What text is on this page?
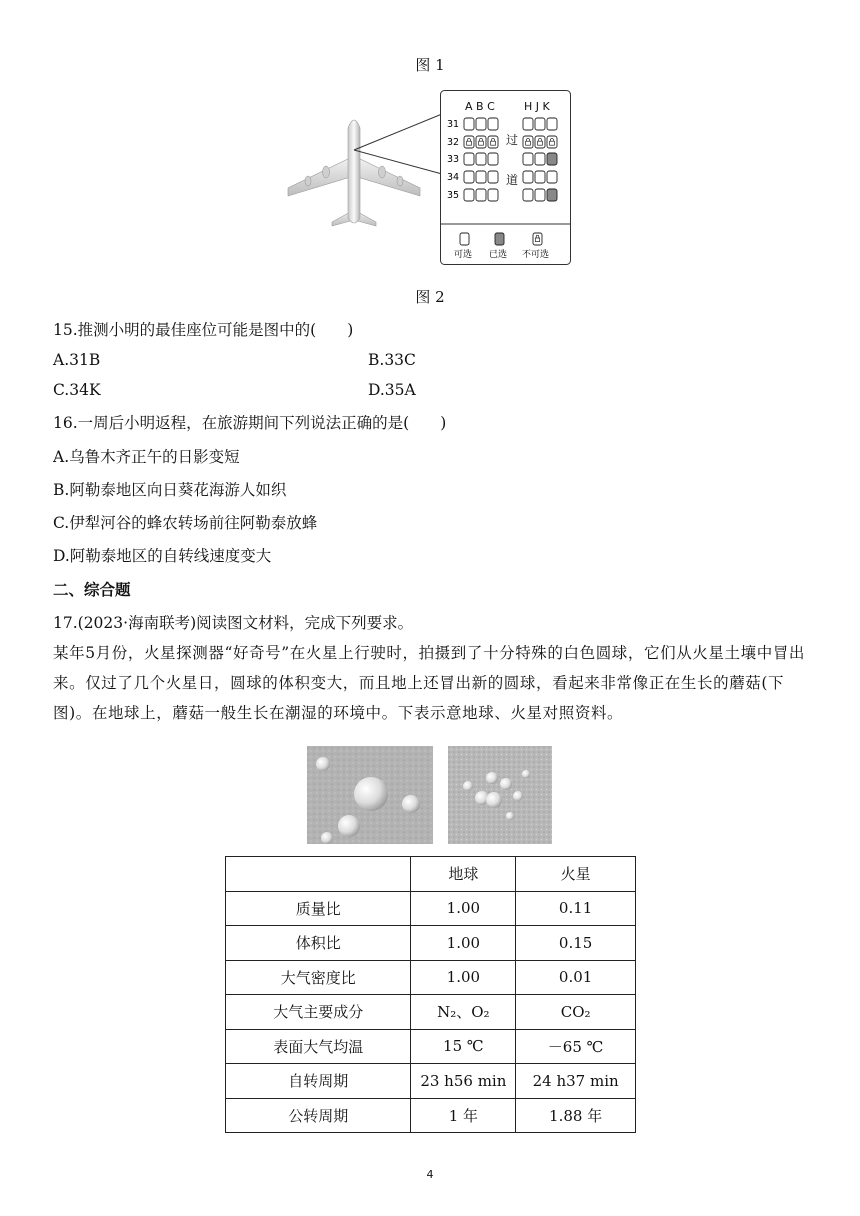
图 1
A B C	H J K
31
32
33
34
35
过
道
可选 已选 不可选
图 2
15.推测小明的最佳座位可能是图中的(　　)
A.31B	B.33C
C.34K	D.35A
16.一周后小明返程，在旅游期间下列说法正确的是(　　)
A.乌鲁木齐正午的日影变短
B.阿勒泰地区向日葵花海游人如织
C.伊犁河谷的蜂农转场前往阿勒泰放蜂
D.阿勒泰地区的自转线速度变大
二、综合题
17.(2023·海南联考)阅读图文材料，完成下列要求。
某年5月份，火星探测器“好奇号”在火星上行驶时，拍摄到了十分特殊的白色圆球，它们从火星土壤中冒出来。仅过了几个火星日，圆球的体积变大，而且地上还冒出新的圆球，看起来非常像正在生长的蘑菇(下图)。在地球上，蘑菇一般生长在潮湿的环境中。下表示意地球、火星对照资料。
	地球	火星
质量比	1.00	0.11
体积比	1.00	0.15
大气密度比	1.00	0.01
大气主要成分	N₂、O₂	CO₂
表面大气均温	15 ℃	－65 ℃
自转周期	23 h56 min	24 h37 min
公转周期	1 年	1.88 年
4
